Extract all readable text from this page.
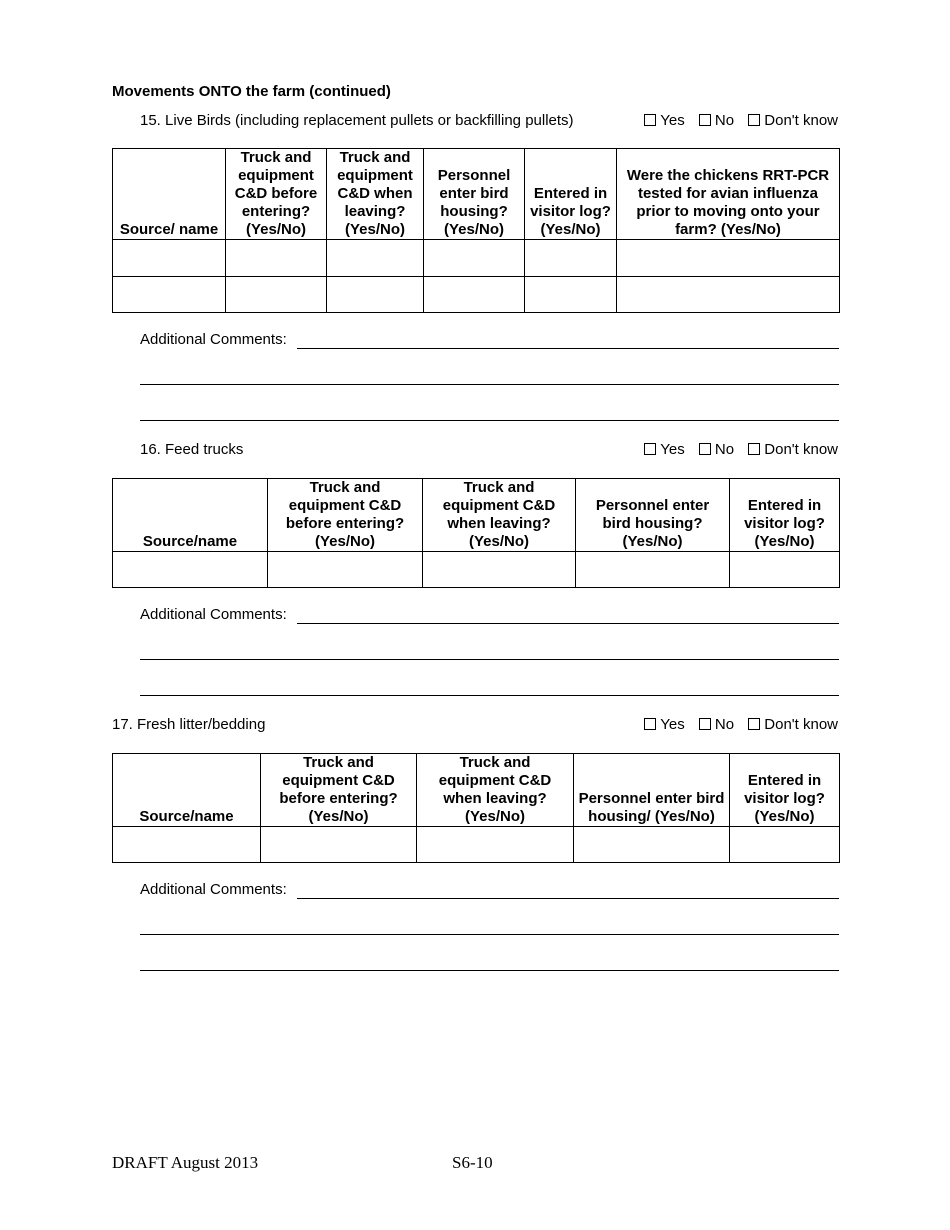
Movements ONTO the farm (continued)
15. Live Birds (including replacement pullets or backfilling pullets)	Yes No Don't know
Source/ name	Truck and equipment C&D before entering? (Yes/No)	Truck and equipment C&D when leaving? (Yes/No)	Personnel enter bird housing? (Yes/No)	Entered in visitor log? (Yes/No)	Were the chickens RRT-PCR tested for avian influenza prior to moving onto your farm? (Yes/No)

Additional Comments:
16. Feed trucks	Yes No Don't know
Source/name	Truck and equipment C&D before entering? (Yes/No)	Truck and equipment C&D when leaving? (Yes/No)	Personnel enter bird housing? (Yes/No)	Entered in visitor log? (Yes/No)

Additional Comments:
17. Fresh litter/bedding	Yes No Don't know
Source/name	Truck and equipment C&D before entering? (Yes/No)	Truck and equipment C&D when leaving? (Yes/No)	Personnel enter bird housing/ (Yes/No)	Entered in visitor log? (Yes/No)

Additional Comments:
DRAFT August 2013	S6-10
